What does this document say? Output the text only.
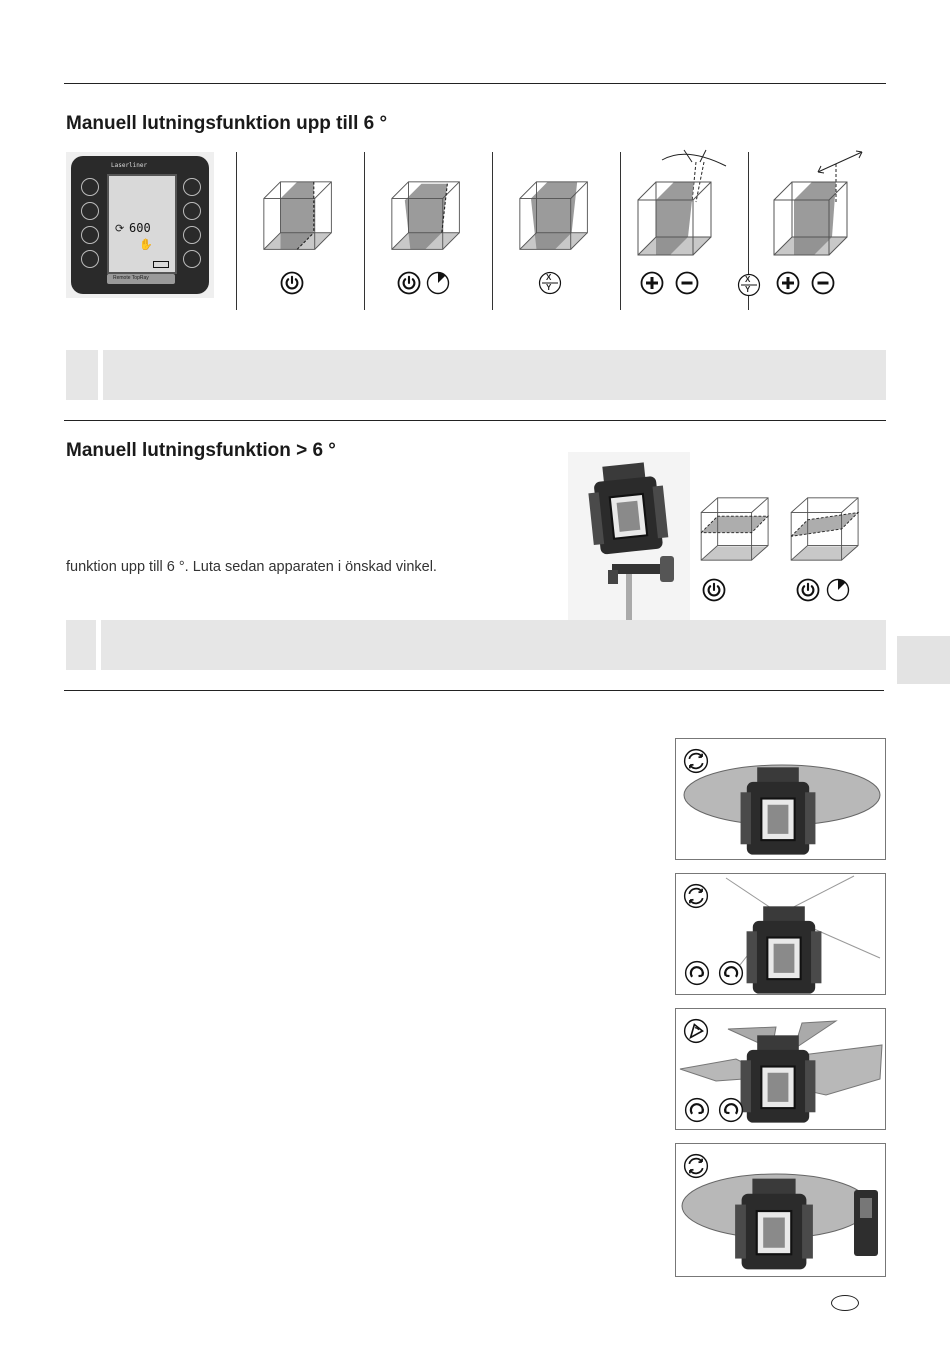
Manuell lutningsfunktion upp till 6 °
Laserliner
⟳ 600
✋
Remote TopRay	X
Y
X
Y
Manuell lutningsfunktion > 6 °
funktion upp till 6 °. Luta sedan apparaten i önskad vinkel.
